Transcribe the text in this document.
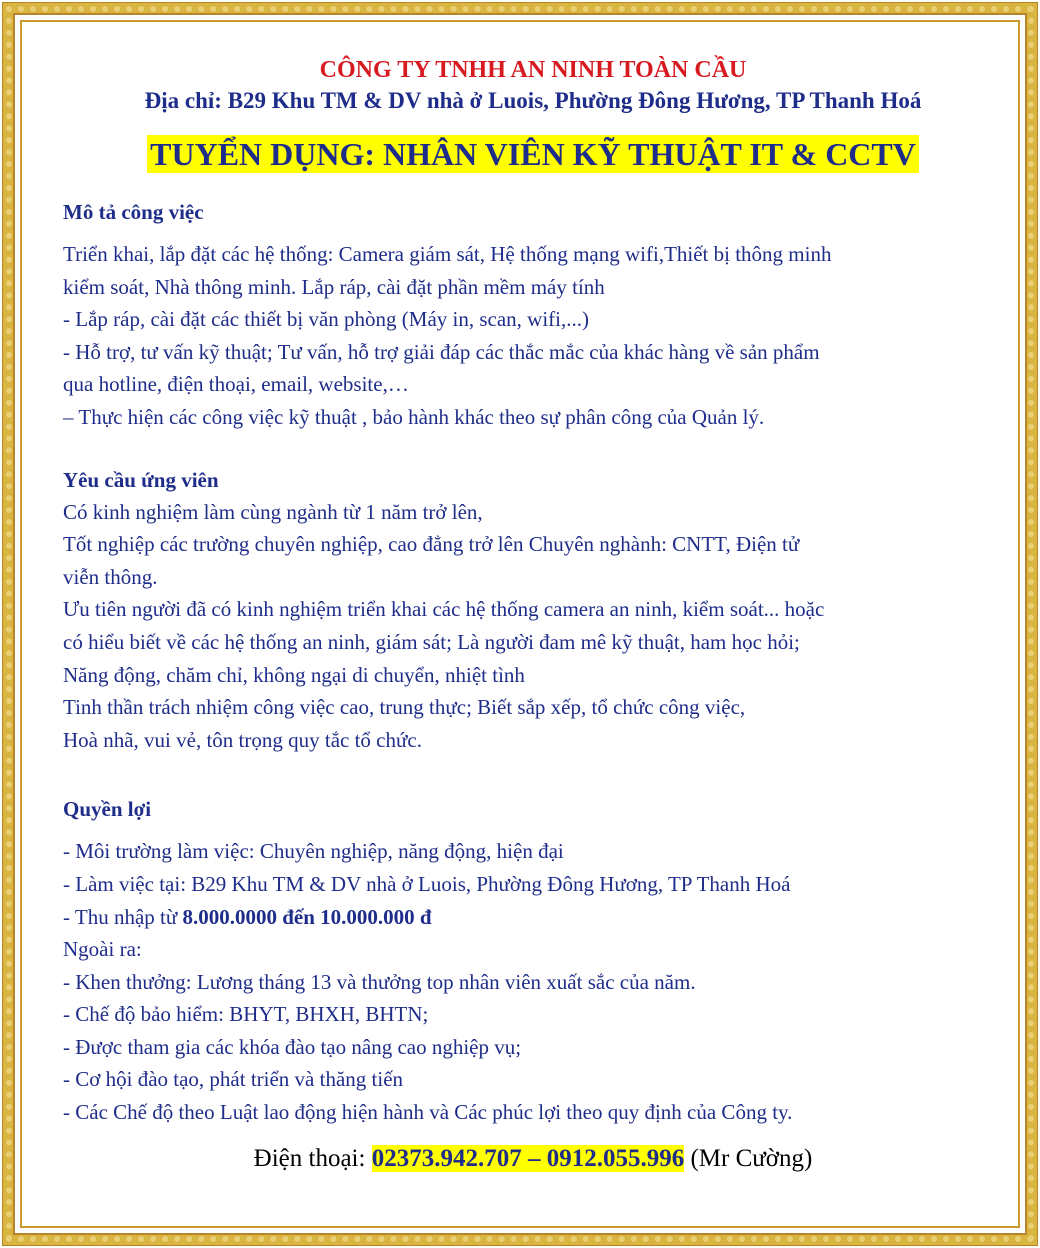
CÔNG TY TNHH AN NINH TOÀN CẦU
Địa chỉ: B29 Khu TM & DV nhà ở Luois, Phường Đông Hương, TP Thanh Hoá
TUYỂN DỤNG: NHÂN VIÊN KỸ THUẬT IT & CCTV
Mô tả công việc
Triển khai, lắp đặt các hệ thống: Camera giám sát, Hệ thống mạng wifi,Thiết bị thông minh
kiểm soát, Nhà thông minh. Lắp ráp, cài đặt phần mềm máy tính
- Lắp ráp, cài đặt các thiết bị văn phòng (Máy in, scan, wifi,...)
- Hỗ trợ, tư vấn kỹ thuật; Tư vấn, hỗ trợ giải đáp các thắc mắc của khác hàng về sản phẩm
qua hotline, điện thoại, email, website,…
– Thực hiện các công việc kỹ thuật , bảo hành khác theo sự phân công của Quản lý.
Yêu cầu ứng viên
Có kinh nghiệm làm cùng ngành từ 1 năm trở lên,
Tốt nghiệp các trường chuyên nghiệp, cao đẳng trở lên Chuyên nghành: CNTT, Điện tử
viễn thông.
Ưu tiên người đã có kinh nghiệm triển khai các hệ thống camera an ninh, kiểm soát... hoặc
có hiểu biết về các hệ thống an ninh, giám sát; Là người đam mê kỹ thuật, ham học hỏi;
Năng động, chăm chỉ, không ngại di chuyển, nhiệt tình
Tinh thần trách nhiệm công việc cao, trung thực; Biết sắp xếp, tổ chức công việc,
Hoà nhã, vui vẻ, tôn trọng quy tắc tổ chức.
Quyền lợi
- Môi trường làm việc: Chuyên nghiệp, năng động, hiện đại
- Làm việc tại: B29 Khu TM & DV nhà ở Luois, Phường Đông Hương, TP Thanh Hoá
- Thu nhập từ 8.000.0000 đến 10.000.000 đ
Ngoài ra:
- Khen thưởng: Lương tháng 13 và thưởng top nhân viên xuất sắc của năm.
- Chế độ bảo hiểm: BHYT, BHXH, BHTN;
- Được tham gia các khóa đào tạo nâng cao nghiệp vụ;
- Cơ hội đào tạo, phát triển và thăng tiến
- Các Chế độ theo Luật lao động hiện hành và Các phúc lợi theo quy định của Công ty.
Điện thoại: 02373.942.707 – 0912.055.996 (Mr Cường)
